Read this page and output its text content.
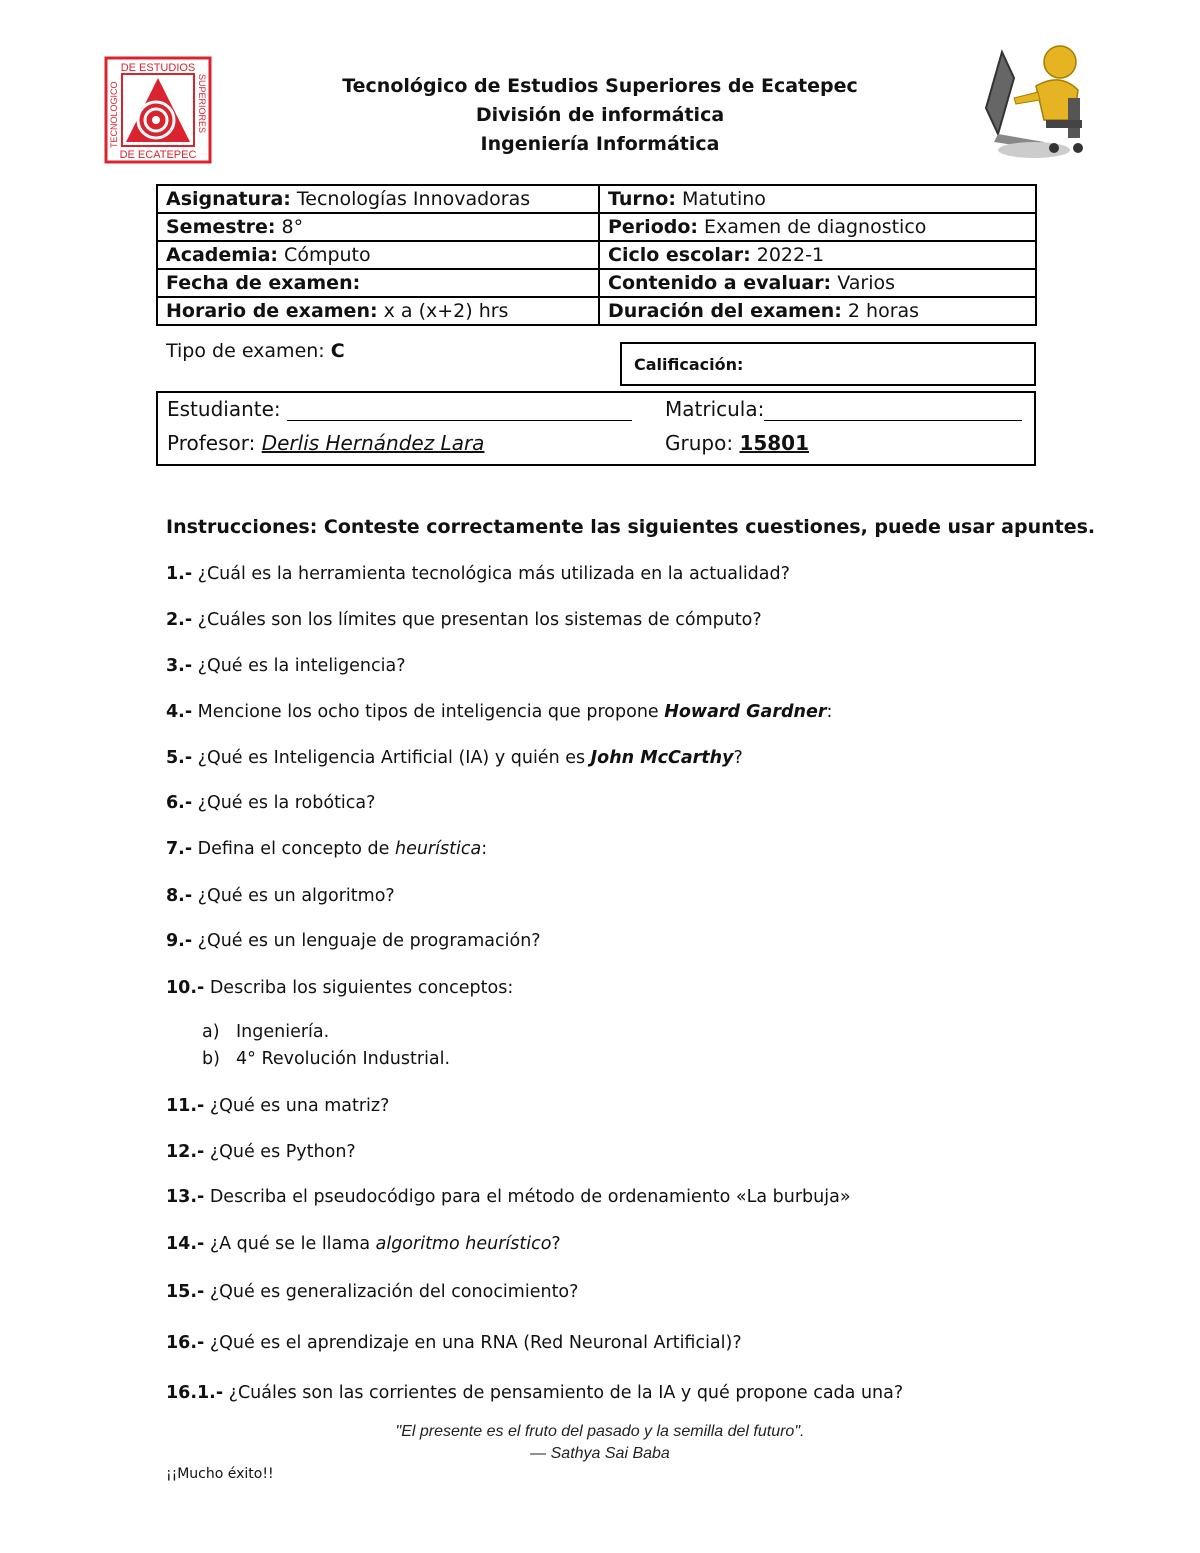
DE ESTUDIOS
DE ECATEPEC
TECNOLOGICO	SUPERIORES	Tecnológico de Estudios Superiores de Ecatepec
División de informática
Ingeniería Informática
Asignatura: Tecnologías Innovadoras	Turno: Matutino
Semestre: 8°	Periodo: Examen de diagnostico
Academia: Cómputo	Ciclo escolar: 2022-1
Fecha de examen:	Contenido a evaluar: Varios
Horario de examen: x a (x+2) hrs	Duración del examen: 2 horas
Tipo de examen: C
Calificación:
Estudiante:	Matricula:
Profesor: Derlis Hernández Lara	Grupo: 15801
Instrucciones: Conteste correctamente las siguientes cuestiones, puede usar apuntes.
1.- ¿Cuál es la herramienta tecnológica más utilizada en la actualidad?
2.- ¿Cuáles son los límites que presentan los sistemas de cómputo?
3.- ¿Qué es la inteligencia?
4.- Mencione los ocho tipos de inteligencia que propone Howard Gardner:
5.- ¿Qué es Inteligencia Artificial (IA) y quién es John McCarthy?
6.- ¿Qué es la robótica?
7.- Defina el concepto de heurística:
8.- ¿Qué es un algoritmo?
9.- ¿Qué es un lenguaje de programación?
10.- Describa los siguientes conceptos:
11.- ¿Qué es una matriz?
12.- ¿Qué es Python?
13.- Describa el pseudocódigo para el método de ordenamiento «La burbuja»
14.- ¿A qué se le llama algoritmo heurístico?
15.- ¿Qué es generalización del conocimiento?
16.- ¿Qué es el aprendizaje en una RNA (Red Neuronal Artificial)?
16.1.- ¿Cuáles son las corrientes de pensamiento de la IA y qué propone cada una?
a) Ingeniería.
b) 4° Revolución Industrial.
"El presente es el fruto del pasado y la semilla del futuro".
— Sathya Sai Baba
¡¡Mucho éxito!!
